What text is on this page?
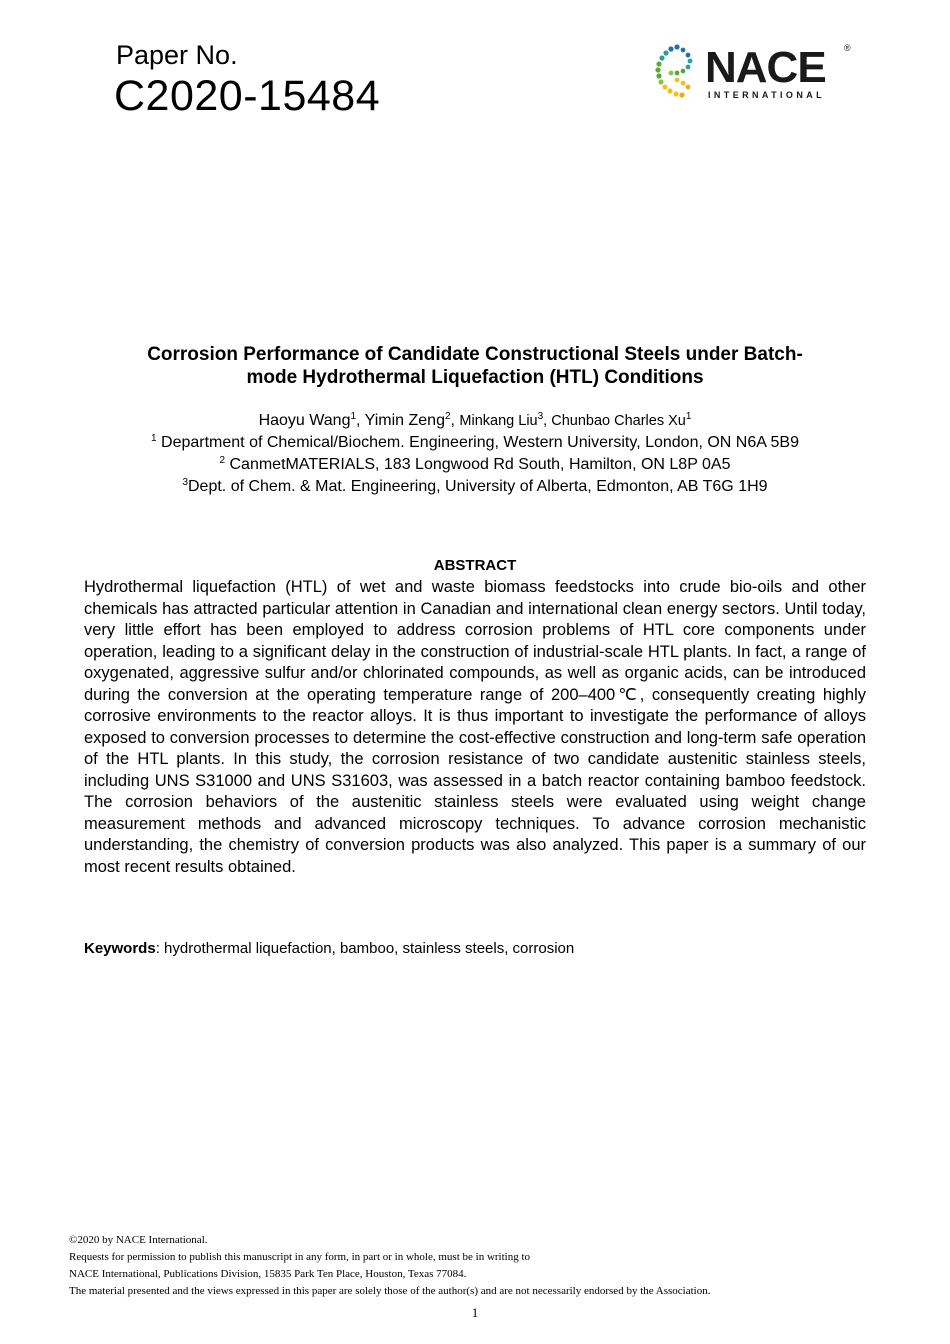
Paper No.
C2020-15484
NACE ®
INTERNATIONAL
Corrosion Performance of Candidate Constructional Steels under Batch-
mode Hydrothermal Liquefaction (HTL) Conditions
Haoyu Wang$^1$, Yimin Zeng$^2$, Minkang Liu$^3$, Chunbao Charles Xu$^1$
$^1$ Department of Chemical/Biochem. Engineering, Western University, London, ON N6A 5B9
$^2$ CanmetMATERIALS, 183 Longwood Rd South, Hamilton, ON L8P 0A5
$^3$Dept. of Chem. & Mat. Engineering, University of Alberta, Edmonton, AB T6G 1H9
ABSTRACT
Hydrothermal liquefaction (HTL) of wet and waste biomass feedstocks into crude bio-oils and other chemicals has attracted particular attention in Canadian and international clean energy sectors. Until today, very little effort has been employed to address corrosion problems of HTL core components under operation, leading to a significant delay in the construction of industrial-scale HTL plants. In fact, a range of oxygenated, aggressive sulfur and/or chlorinated compounds, as well as organic acids, can be introduced during the conversion at the operating temperature range of 200–400℃, consequently creating highly corrosive environments to the reactor alloys. It is thus important to investigate the performance of alloys exposed to conversion processes to determine the cost-effective construction and long-term safe operation of the HTL plants. In this study, the corrosion resistance of two candidate austenitic stainless steels, including UNS S31000 and UNS S31603, was assessed in a batch reactor containing bamboo feedstock. The corrosion behaviors of the austenitic stainless steels were evaluated using weight change measurement methods and advanced microscopy techniques. To advance corrosion mechanistic understanding, the chemistry of conversion products was also analyzed. This paper is a summary of our most recent results obtained.
Keywords: hydrothermal liquefaction, bamboo, stainless steels, corrosion
©2020 by NACE International.
Requests for permission to publish this manuscript in any form, in part or in whole, must be in writing to
NACE International, Publications Division, 15835 Park Ten Place, Houston, Texas 77084.
The material presented and the views expressed in this paper are solely those of the author(s) and are not necessarily endorsed by the Association.
1
